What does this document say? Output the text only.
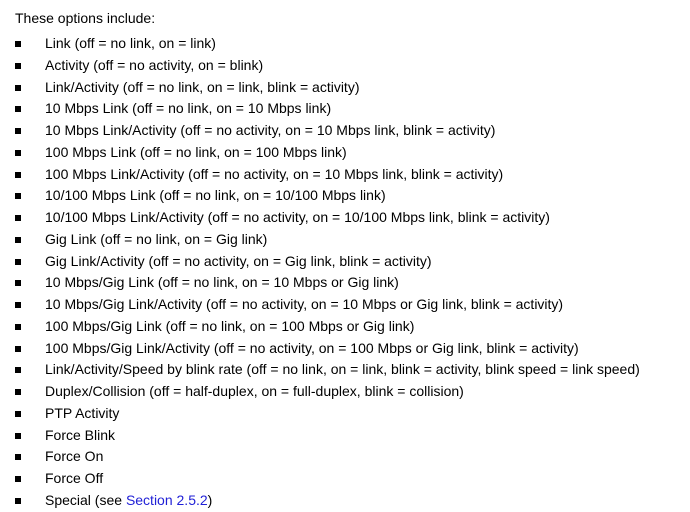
These options include:
Link (off = no link, on = link)
Activity (off = no activity, on = blink)
Link/Activity (off = no link, on = link, blink = activity)
10 Mbps Link (off = no link, on = 10 Mbps link)
10 Mbps Link/Activity (off = no activity, on = 10 Mbps link, blink = activity)
100 Mbps Link (off = no link, on = 100 Mbps link)
100 Mbps Link/Activity (off = no activity, on = 10 Mbps link, blink = activity)
10/100 Mbps Link (off = no link, on = 10/100 Mbps link)
10/100 Mbps Link/Activity (off = no activity, on = 10/100 Mbps link, blink = activity)
Gig Link (off = no link, on = Gig link)
Gig Link/Activity (off = no activity, on = Gig link, blink = activity)
10 Mbps/Gig Link (off = no link, on = 10 Mbps or Gig link)
10 Mbps/Gig Link/Activity (off = no activity, on = 10 Mbps or Gig link, blink = activity)
100 Mbps/Gig Link (off = no link, on = 100 Mbps or Gig link)
100 Mbps/Gig Link/Activity (off = no activity, on = 100 Mbps or Gig link, blink = activity)
Link/Activity/Speed by blink rate (off = no link, on = link, blink = activity, blink speed = link speed)
Duplex/Collision (off = half-duplex, on = full-duplex, blink = collision)
PTP Activity
Force Blink
Force On
Force Off
Special (see Section 2.5.2)
